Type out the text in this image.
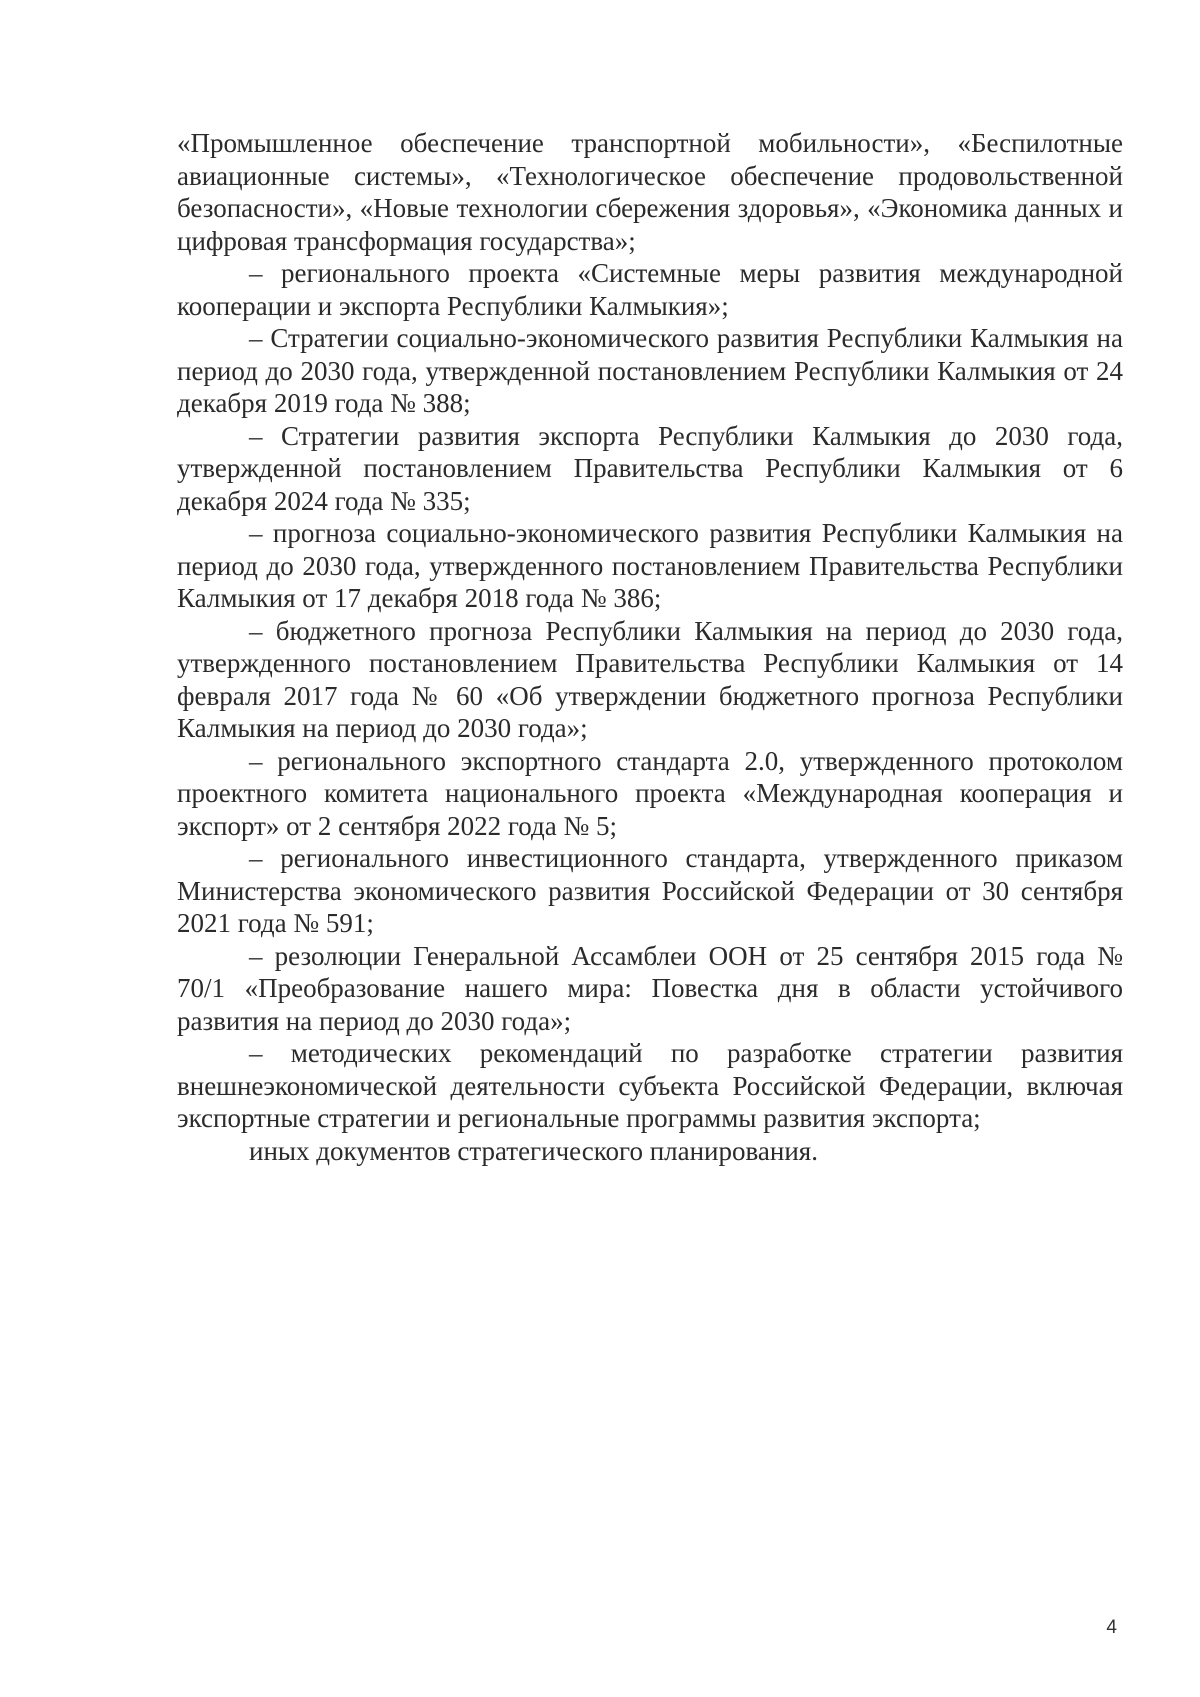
«Промышленное обеспечение транспортной мобильности», «Беспилотные авиационные системы», «Технологическое обеспечение продовольственной безопасности», «Новые технологии сбережения здоровья», «Экономика данных и цифровая трансформация государства»;

– регионального проекта «Системные меры развития международной кооперации и экспорта Республики Калмыкия»;

– Стратегии социально-экономического развития Республики Калмыкия на период до 2030 года, утвержденной постановлением Республики Калмыкия от 24 декабря 2019 года № 388;

– Стратегии развития экспорта Республики Калмыкия до 2030 года, утвержденной постановлением Правительства Республики Калмыкия от 6 декабря 2024 года № 335;

– прогноза социально-экономического развития Республики Калмыкия на период до 2030 года, утвержденного постановлением Правительства Республики Калмыкия от 17 декабря 2018 года № 386;

– бюджетного прогноза Республики Калмыкия на период до 2030 года, утвержденного постановлением Правительства Республики Калмыкия от 14 февраля 2017 года № 60 «Об утверждении бюджетного прогноза Республики Калмыкия на период до 2030 года»;

– регионального экспортного стандарта 2.0, утвержденного протоколом проектного комитета национального проекта «Международная кооперация и экспорт» от 2 сентября 2022 года № 5;

– регионального инвестиционного стандарта, утвержденного приказом Министерства экономического развития Российской Федерации от 30 сентября 2021 года № 591;

– резолюции Генеральной Ассамблеи ООН от 25 сентября 2015 года № 70/1 «Преобразование нашего мира: Повестка дня в области устойчивого развития на период до 2030 года»;

– методических рекомендаций по разработке стратегии развития внешнеэкономической деятельности субъекта Российской Федерации, включая экспортные стратегии и региональные программы развития экспорта;

иных документов стратегического планирования.

4
